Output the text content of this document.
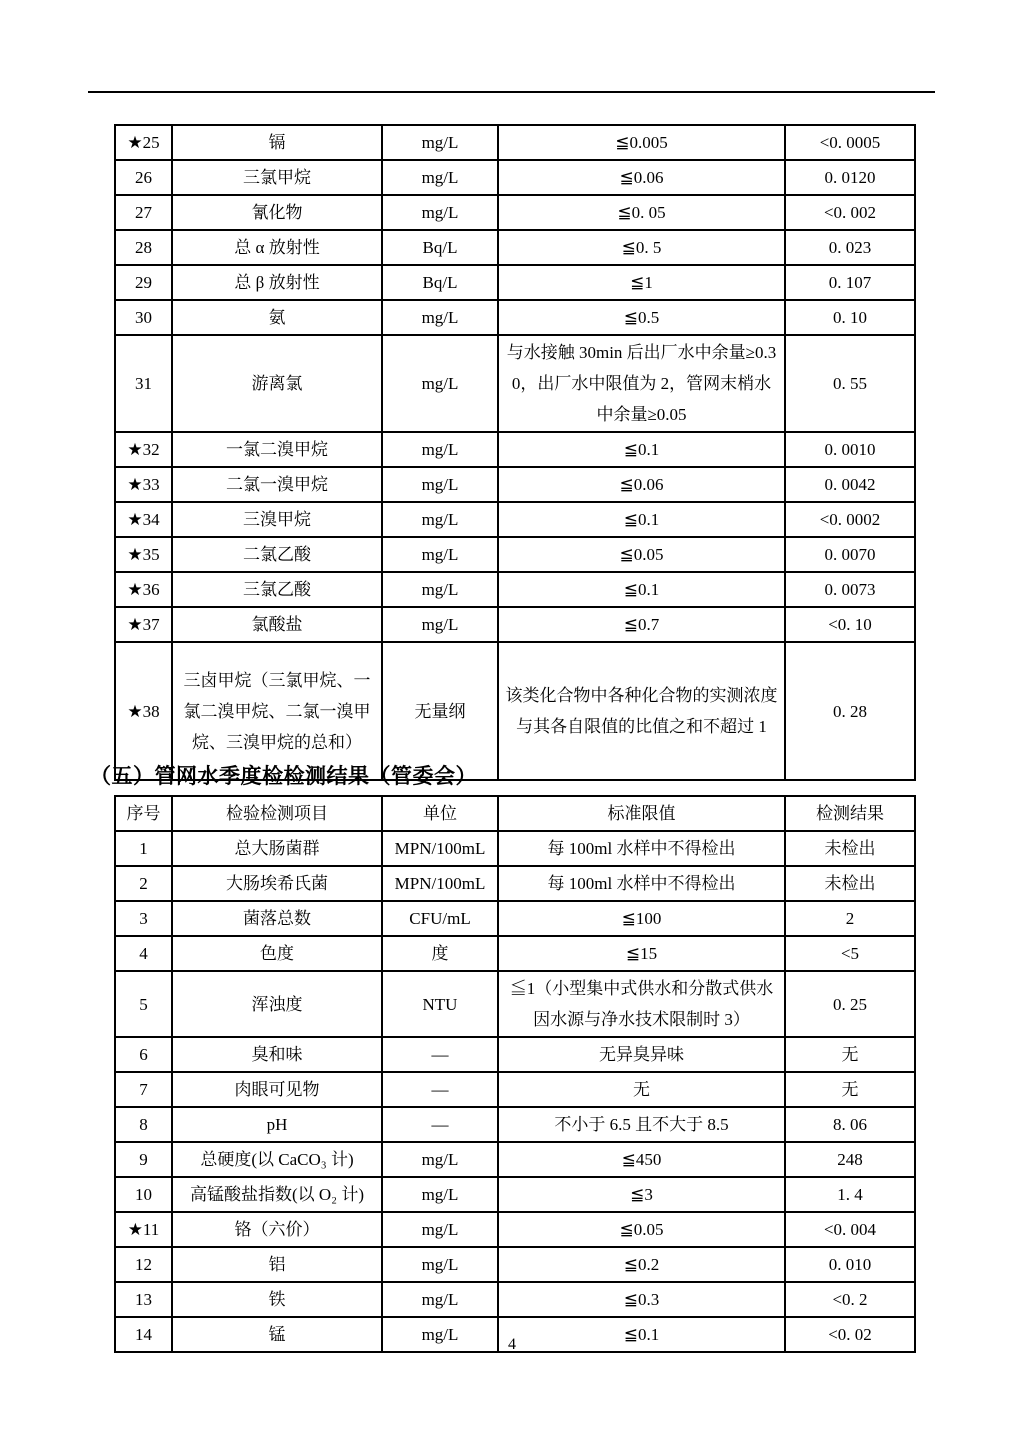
★25	镉	mg/L	≦0.005	<0. 0005
26	三氯甲烷	mg/L	≦0.06	0. 0120
27	氰化物	mg/L	≦0. 05	<0. 002
28	总 α 放射性	Bq/L	≦0. 5	0. 023
29	总 β 放射性	Bq/L	≦1	0. 107
30	氨	mg/L	≦0.5	0. 10
31	游离氯	mg/L	与水接触 30min 后出厂水中余量≥0.30，出厂水中限值为 2，管网末梢水中余量≥0.05	0. 55
★32	一氯二溴甲烷	mg/L	≦0.1	0. 0010
★33	二氯一溴甲烷	mg/L	≦0.06	0. 0042
★34	三溴甲烷	mg/L	≦0.1	<0. 0002
★35	二氯乙酸	mg/L	≦0.05	0. 0070
★36	三氯乙酸	mg/L	≦0.1	0. 0073
★37	氯酸盐	mg/L	≦0.7	<0. 10
★38	三卤甲烷（三氯甲烷、一氯二溴甲烷、二氯一溴甲烷、三溴甲烷的总和）	无量纲	该类化合物中各种化合物的实测浓度与其各自限值的比值之和不超过 1	0. 28
（五）管网水季度检检测结果（管委会）
序号	检验检测项目	单位	标准限值	检测结果
1	总大肠菌群	MPN/100mL	每 100ml 水样中不得检出	未检出
2	大肠埃希氏菌	MPN/100mL	每 100ml 水样中不得检出	未检出
3	菌落总数	CFU/mL	≦100	2
4	色度	度	≦15	<5
5	浑浊度	NTU	≦1（小型集中式供水和分散式供水因水源与净水技术限制时 3）	0. 25
6	臭和味	—	无异臭异味	无
7	肉眼可见物	—	无	无
8	pH	—	不小于 6.5 且不大于 8.5	8. 06
9	总硬度(以 CaCO₃ 计)	mg/L	≦450	248
10	高锰酸盐指数(以 O₂ 计)	mg/L	≦3	1. 4
★11	铬（六价）	mg/L	≦0.05	<0. 004
12	铝	mg/L	≦0.2	0. 010
13	铁	mg/L	≦0.3	<0. 2
14	锰	mg/L	≦0.1	<0. 02
4
